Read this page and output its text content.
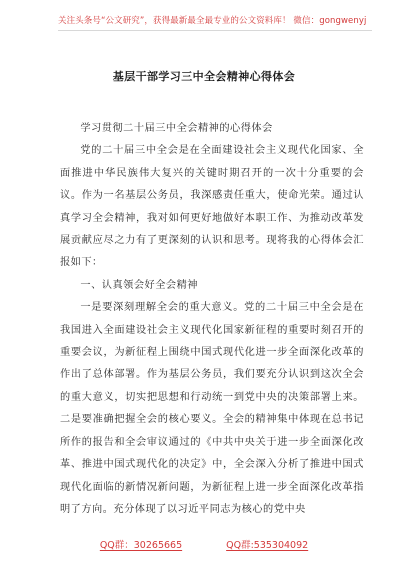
关注头条号“公文研究”，获得最新最全最专业的公文资料库！ 微信：gongwenyj
基层干部学习三中全会精神心得体会

学习贯彻二十届三中全会精神的心得体会

党的二十届三中全会是在全面建设社会主义现代化国家、全面推进中华民族伟大复兴的关键时期召开的一次十分重要的会议。作为一名基层公务员，我深感责任重大，使命光荣。通过认真学习全会精神，我对如何更好地做好本职工作、为推动改革发展贡献应尽之力有了更深刻的认识和思考。现将我的心得体会汇报如下：

一、认真领会好全会精神

一是要深刻理解全会的重大意义。党的二十届三中全会是在我国进入全面建设社会主义现代化国家新征程的重要时刻召开的重要会议，为新征程上围绕中国式现代化进一步全面深化改革的作出了总体部署。作为基层公务员，我们要充分认识到这次全会的重大意义，切实把思想和行动统一到党中央的决策部署上来。二是要准确把握全会的核心要义。全会的精神集中体现在总书记所作的报告和全会审议通过的《中共中央关于进一步全面深化改革、推进中国式现代化的决定》中，全会深入分析了推进中国式现代化面临的新情况新问题，为新征程上进一步全面深化改革指明了方向。充分体现了以习近平同志为核心的党中央

QQ群：30265665	QQ群:535304092
